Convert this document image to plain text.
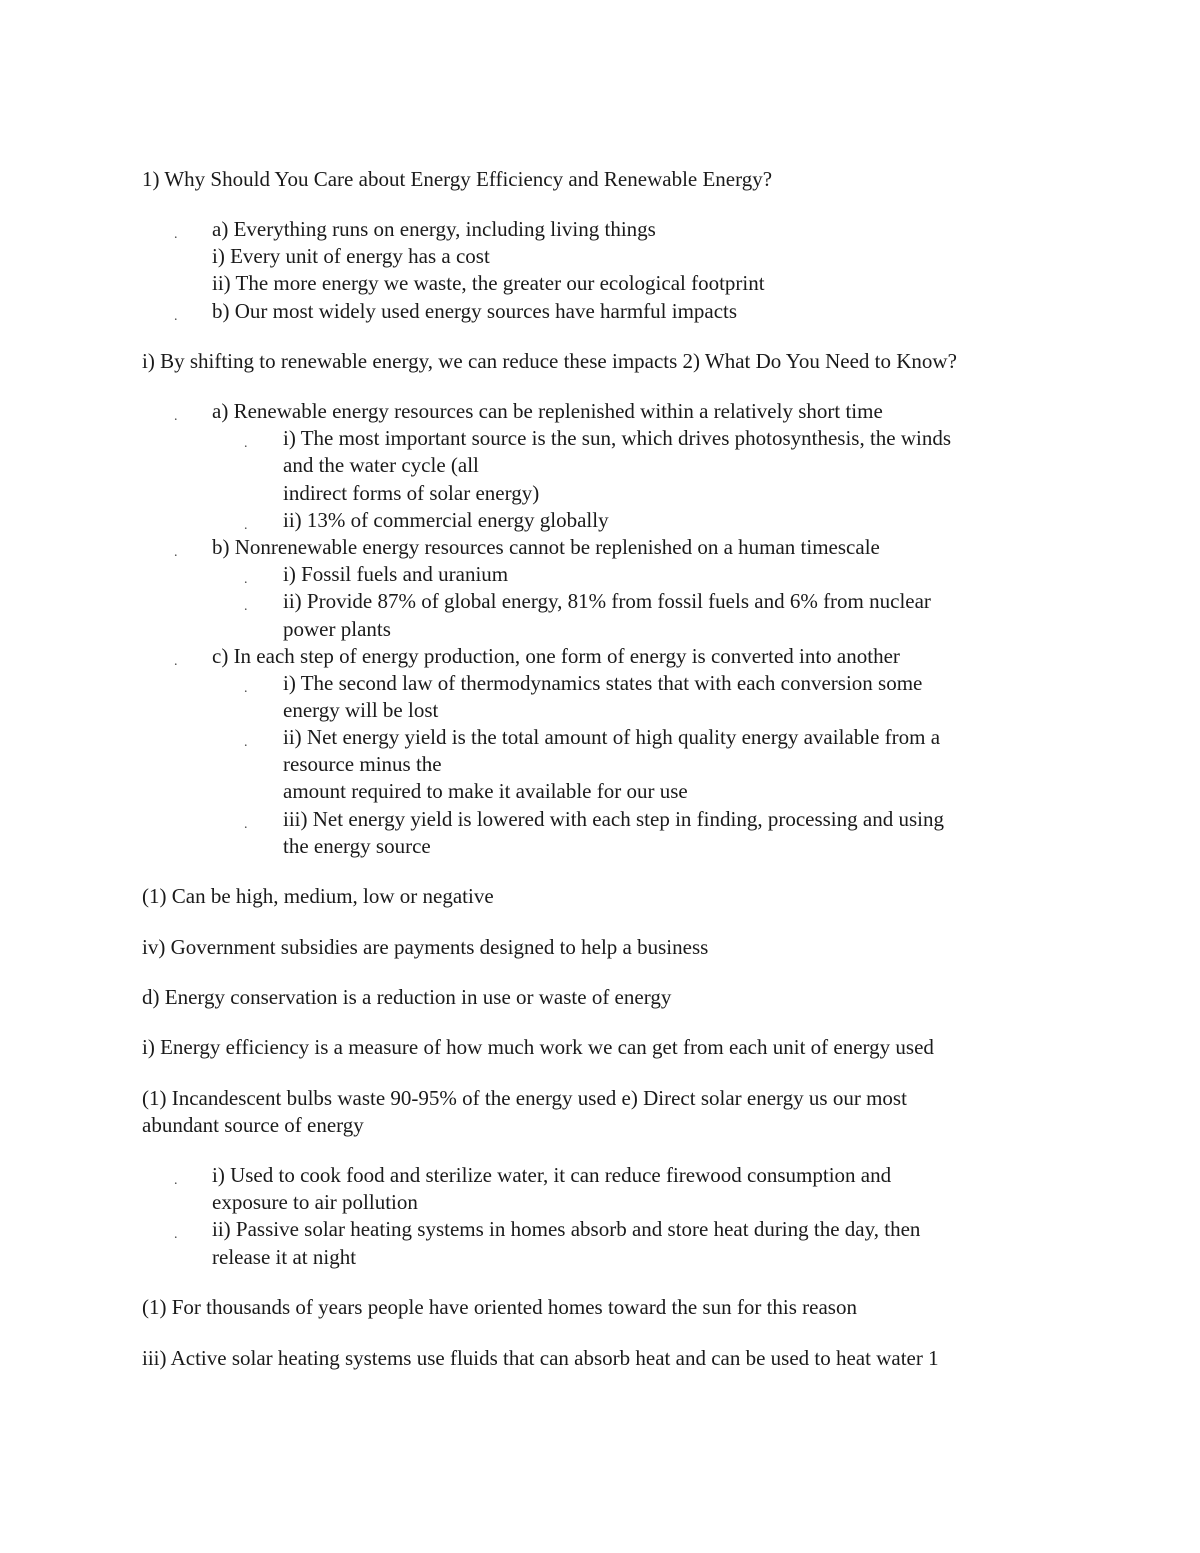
1) Why Should You Care about Energy Efficiency and Renewable Energy?

. a) Everything runs on energy, including living things

i) Every unit of energy has a cost

ii) The more energy we waste, the greater our ecological footprint

. b) Our most widely used energy sources have harmful impacts

i) By shifting to renewable energy, we can reduce these impacts 2) What Do You Need to Know?

. a) Renewable energy resources can be replenished within a relatively short time

. i) The most important source is the sun, which drives photosynthesis, the winds

and the water cycle (all

indirect forms of solar energy)

. ii) 13% of commercial energy globally

. b) Nonrenewable energy resources cannot be replenished on a human timescale

. i) Fossil fuels and uranium

. ii) Provide 87% of global energy, 81% from fossil fuels and 6% from nuclear

power plants

. c) In each step of energy production, one form of energy is converted into another

. i) The second law of thermodynamics states that with each conversion some

energy will be lost

. ii) Net energy yield is the total amount of high quality energy available from a

resource minus the

amount required to make it available for our use

. iii) Net energy yield is lowered with each step in finding, processing and using

the energy source

(1) Can be high, medium, low or negative

iv) Government subsidies are payments designed to help a business

d) Energy conservation is a reduction in use or waste of energy

i) Energy efficiency is a measure of how much work we can get from each unit of energy used

(1) Incandescent bulbs waste 90-95% of the energy used e) Direct solar energy us our most

abundant source of energy

. i) Used to cook food and sterilize water, it can reduce firewood consumption and

exposure to air pollution

. ii) Passive solar heating systems in homes absorb and store heat during the day, then

release it at night

(1) For thousands of years people have oriented homes toward the sun for this reason

iii) Active solar heating systems use fluids that can absorb heat and can be used to heat water 1
